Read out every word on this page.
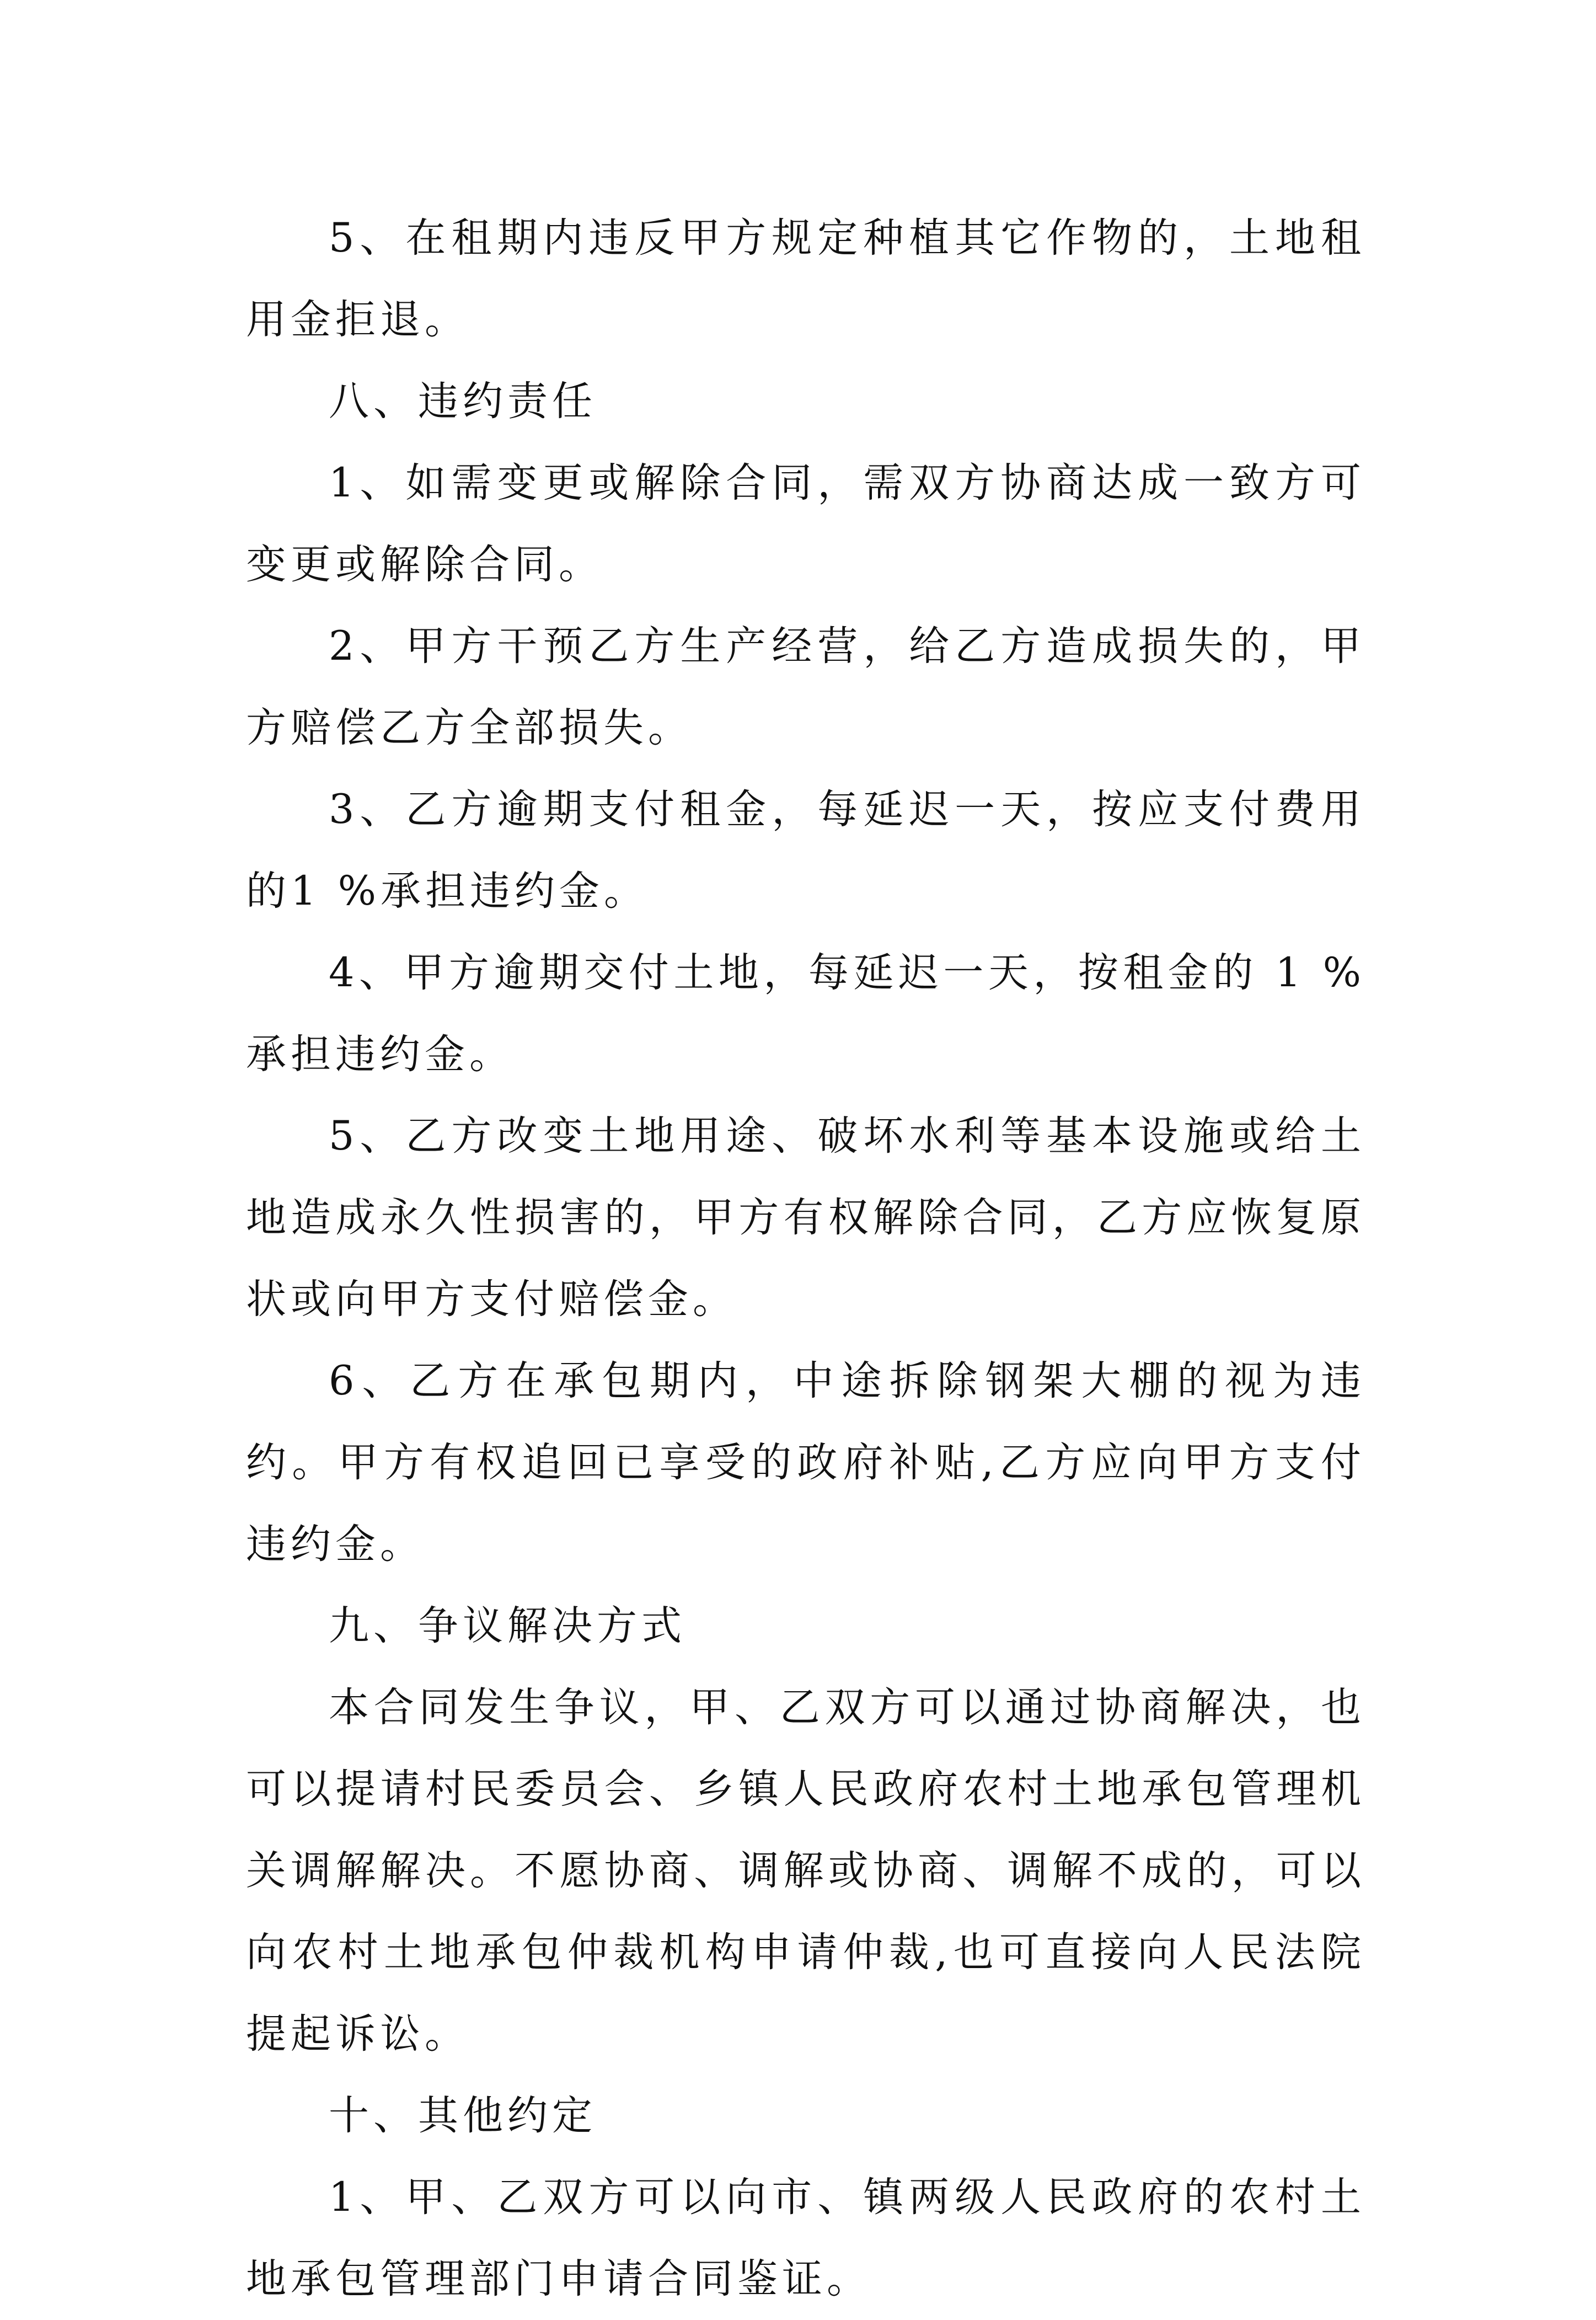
5、在租期内违反甲方规定种植其它作物的，土地租用金拒退。

八、违约责任

1、如需变更或解除合同，需双方协商达成一致方可变更或解除合同。

2、甲方干预乙方生产经营，给乙方造成损失的，甲方赔偿乙方全部损失。

3、乙方逾期支付租金，每延迟一天，按应支付费用的1 %承担违约金。

4、甲方逾期交付土地，每延迟一天，按租金的 1 %承担违约金。

5、乙方改变土地用途、破坏水利等基本设施或给土地造成永久性损害的，甲方有权解除合同，乙方应恢复原状或向甲方支付赔偿金。

6、乙方在承包期内，中途拆除钢架大棚的视为违约。甲方有权追回已享受的政府补贴,乙方应向甲方支付违约金。

九、争议解决方式

本合同发生争议，甲、乙双方可以通过协商解决，也可以提请村民委员会、乡镇人民政府农村土地承包管理机关调解解决。不愿协商、调解或协商、调解不成的，可以向农村土地承包仲裁机构申请仲裁,也可直接向人民法院提起诉讼。

十、其他约定

1、甲、乙双方可以向市、镇两级人民政府的农村土地承包管理部门申请合同鉴证。
